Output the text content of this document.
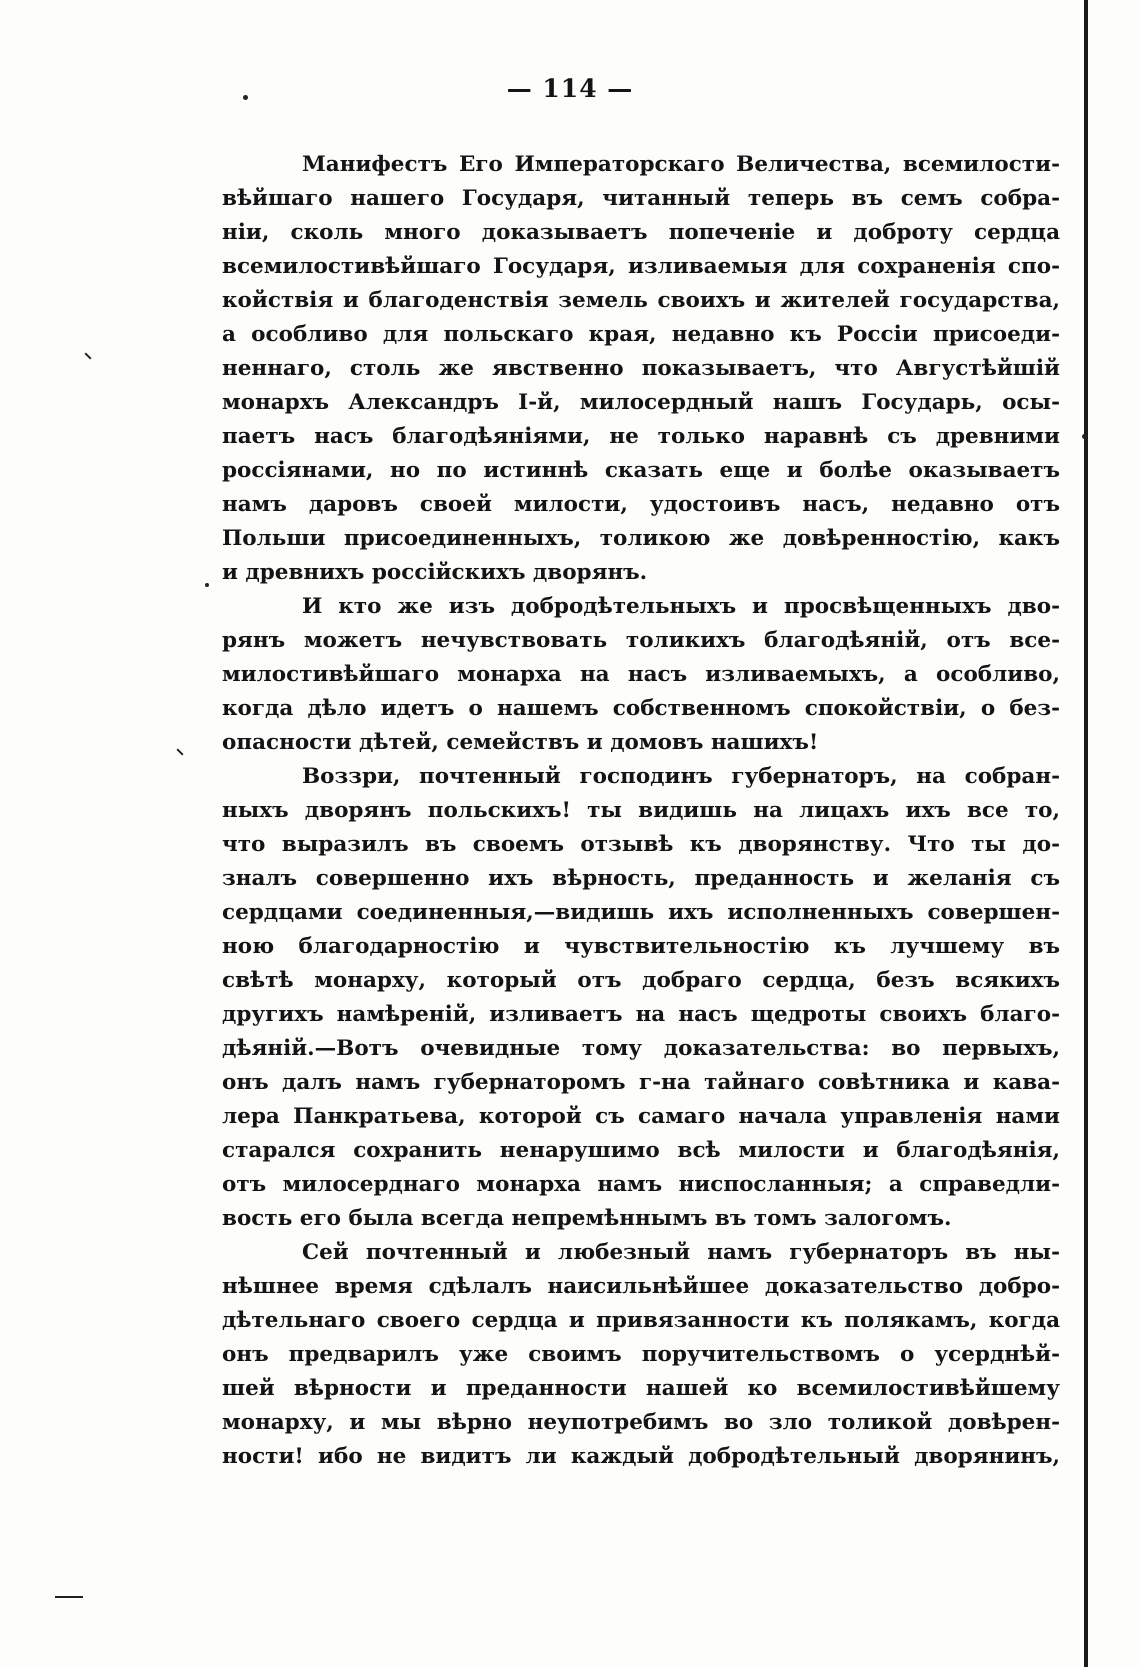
— 114 —
Манифестъ Его Императорскаго Величества, всемилости-
вѣйшаго нашего Государя, читанный теперь въ семъ собра-
ніи, сколь много доказываетъ попеченіе и доброту сердца
всемилостивѣйшаго Государя, изливаемыя для сохраненія спо-
койствія и благоденствія земель своихъ и жителей государства,
а особливо для польскаго края, недавно къ Россіи присоеди-
неннаго, столь же явственно показываетъ, что Августѣйшій
монархъ Александръ І-й, милосердный нашъ Государь, осы-
паетъ насъ благодѣяніями, не только наравнѣ съ древними
россіянами, но по истиннѣ сказать еще и болѣе оказываетъ
намъ даровъ своей милости, удостоивъ насъ, недавно отъ
Польши присоединенныхъ, толикою же довѣренностію, какъ
и древнихъ россійскихъ дворянъ.
И кто же изъ добродѣтельныхъ и просвѣщенныхъ дво-
рянъ можетъ нечувствовать толикихъ благодѣяній, отъ все-
милостивѣйшаго монарха на насъ изливаемыхъ, а особливо,
когда дѣло идетъ о нашемъ собственномъ спокойствіи, о без-
опасности дѣтей, семействъ и домовъ нашихъ!
Воззри, почтенный господинъ губернаторъ, на собран-
ныхъ дворянъ польскихъ! ты видишь на лицахъ ихъ все то,
что выразилъ въ своемъ отзывѣ къ дворянству. Что ты до-
зналъ совершенно ихъ вѣрность, преданность и желанія съ
сердцами соединенныя,—видишь ихъ исполненныхъ совершен-
ною благодарностію и чувствительностію къ лучшему въ
свѣтѣ монарху, который отъ добраго сердца, безъ всякихъ
другихъ намѣреній, изливаетъ на насъ щедроты своихъ благо-
дѣяній.—Вотъ очевидные тому доказательства: во первыхъ,
онъ далъ намъ губернаторомъ г-на тайнаго совѣтника и кава-
лера Панкратьева, которой съ самаго начала управленія нами
старался сохранить ненарушимо всѣ милости и благодѣянія,
отъ милосерднаго монарха намъ ниспосланныя; а справедли-
вость его была всегда непремѣннымъ въ томъ залогомъ.
Сей почтенный и любезный намъ губернаторъ въ ны-
нѣшнее время сдѣлалъ наисильнѣйшее доказательство добро-
дѣтельнаго своего сердца и привязанности къ полякамъ, когда
онъ предварилъ уже своимъ поручительствомъ о усерднѣй-
шей вѣрности и преданности нашей ко всемилостивѣйшему
монарху, и мы вѣрно неупотребимъ во зло толикой довѣрен-
ности! ибо не видитъ ли каждый добродѣтельный дворянинъ,
